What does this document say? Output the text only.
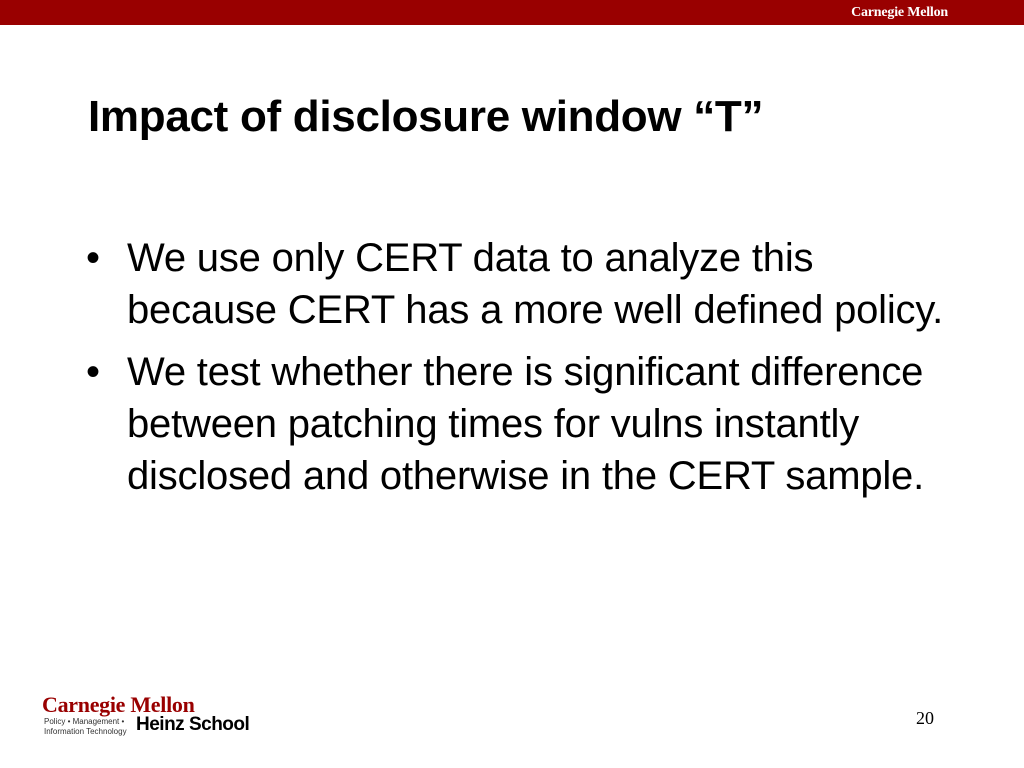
Carnegie Mellon
Impact of disclosure window “T”
• We use only CERT data to analyze this because CERT has a more well defined policy.
• We test whether there is significant difference between patching times for vulns instantly disclosed and otherwise in the CERT sample.
Carnegie Mellon
Policy • Management •
Information Technology Heinz School	20
